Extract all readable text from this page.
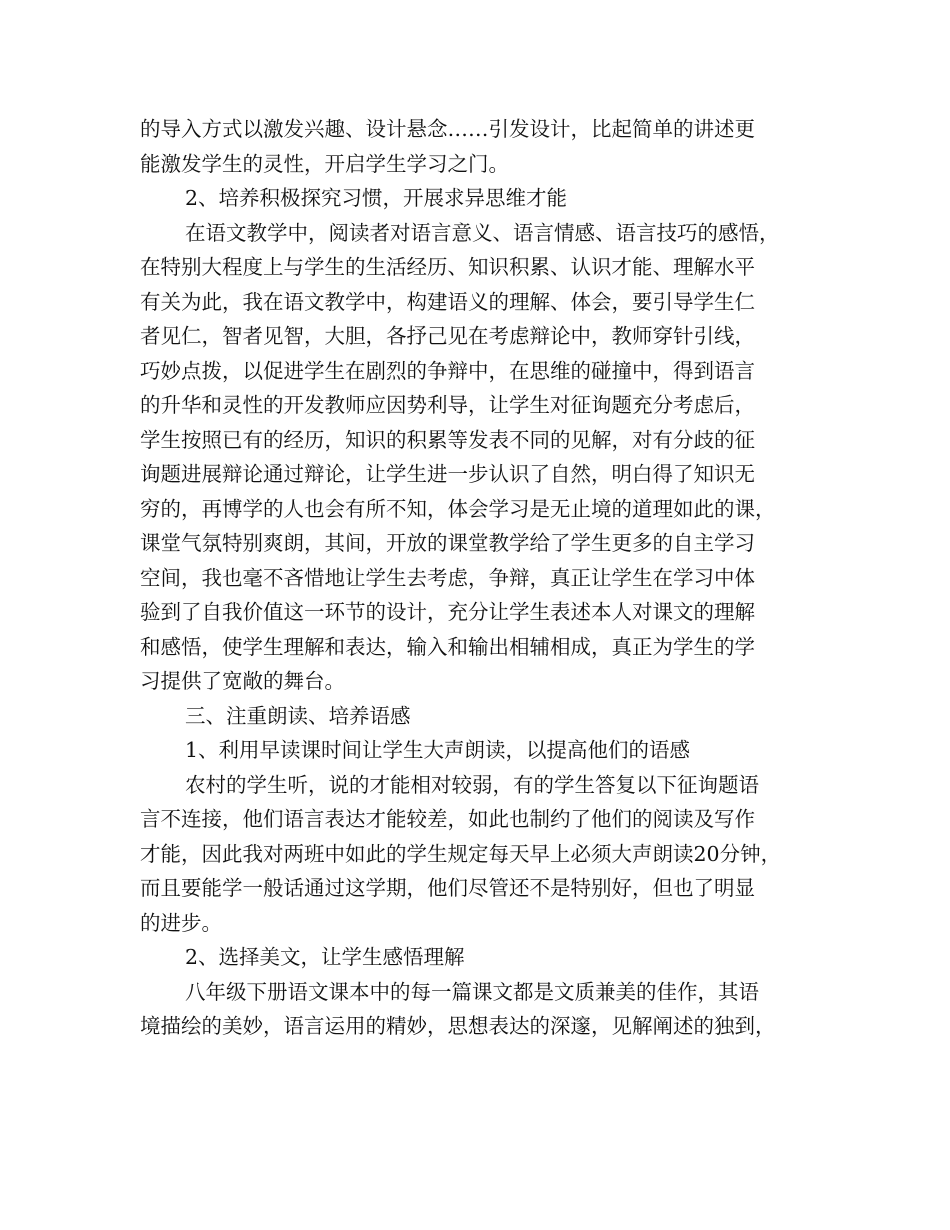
的导入方式以激发兴趣、设计悬念……引发设计，比起简单的讲述更

能激发学生的灵性，开启学生学习之门。

2、培养积极探究习惯，开展求异思维才能

在语文教学中，阅读者对语言意义、语言情感、语言技巧的感悟，

在特别大程度上与学生的生活经历、知识积累、认识才能、理解水平

有关为此，我在语文教学中，构建语义的理解、体会，要引导学生仁

者见仁，智者见智，大胆，各抒己见在考虑辩论中，教师穿针引线，

巧妙点拨，以促进学生在剧烈的争辩中，在思维的碰撞中，得到语言

的升华和灵性的开发教师应因势利导，让学生对征询题充分考虑后，

学生按照已有的经历，知识的积累等发表不同的见解，对有分歧的征

询题进展辩论通过辩论，让学生进一步认识了自然，明白得了知识无

穷的，再博学的人也会有所不知，体会学习是无止境的道理如此的课，

课堂气氛特别爽朗，其间，开放的课堂教学给了学生更多的自主学习

空间，我也毫不吝惜地让学生去考虑，争辩，真正让学生在学习中体

验到了自我价值这一环节的设计，充分让学生表述本人对课文的理解

和感悟，使学生理解和表达，输入和输出相辅相成，真正为学生的学

习提供了宽敞的舞台。

三、注重朗读、培养语感

1、利用早读课时间让学生大声朗读，以提高他们的语感

农村的学生听，说的才能相对较弱，有的学生答复以下征询题语

言不连接，他们语言表达才能较差，如此也制约了他们的阅读及写作

才能，因此我对两班中如此的学生规定每天早上必须大声朗读20分钟，

而且要能学一般话通过这学期，他们尽管还不是特别好，但也了明显

的进步。

2、选择美文，让学生感悟理解

八年级下册语文课本中的每一篇课文都是文质兼美的佳作，其语

境描绘的美妙，语言运用的精妙，思想表达的深邃，见解阐述的独到，
